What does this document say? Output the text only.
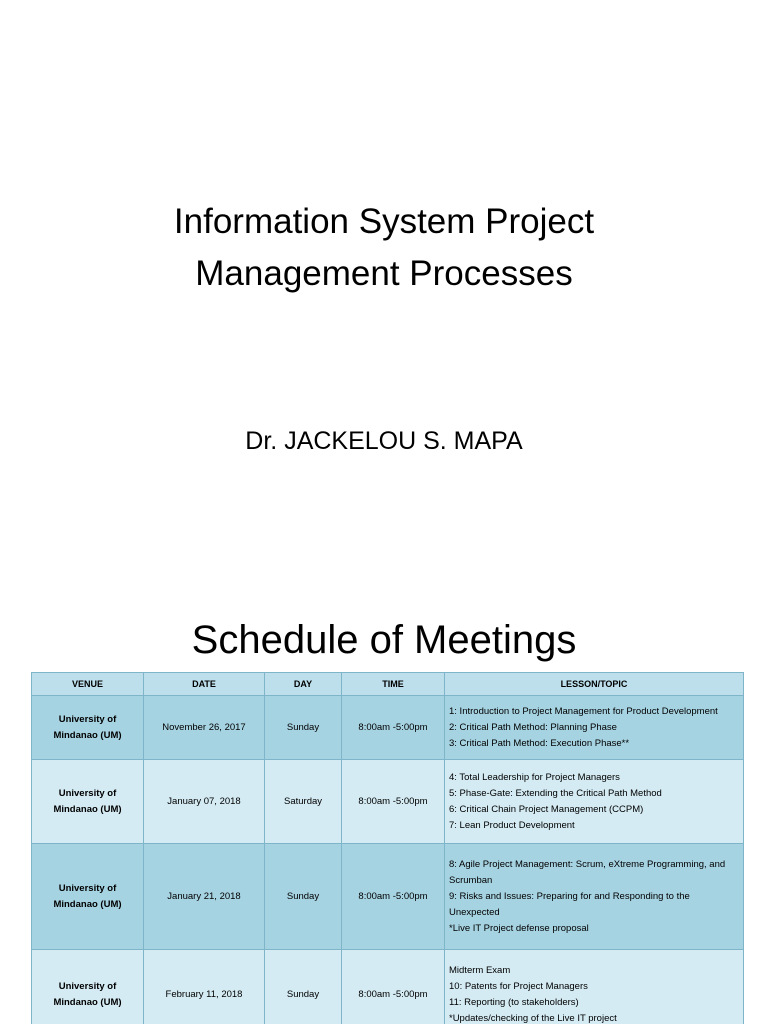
Information System Project

Management Processes

Dr. JACKELOU S. MAPA
Schedule of Meetings
VENUE	DATE	DAY	TIME	LESSON/TOPIC
University of Mindanao (UM)	November 26, 2017	Sunday	8:00am -5:00pm	1: Introduction to Project Management for Product Development
2: Critical Path Method: Planning Phase
3: Critical Path Method: Execution Phase**

University of Mindanao (UM)	January 07, 2018	Saturday	8:00am -5:00pm	4: Total Leadership for Project Managers
5: Phase-Gate: Extending the Critical Path Method
6: Critical Chain Project Management (CCPM)
7: Lean Product Development

University of Mindanao (UM)	January 21, 2018	Sunday	8:00am -5:00pm	8: Agile Project Management: Scrum, eXtreme Programming, and Scrumban
9: Risks and Issues: Preparing for and Responding to the Unexpected
*Live IT Project defense proposal

University of Mindanao (UM)	February 11, 2018	Sunday	8:00am -5:00pm	Midterm Exam
10: Patents for Project Managers
11: Reporting (to stakeholders)
*Updates/checking of the Live IT project
